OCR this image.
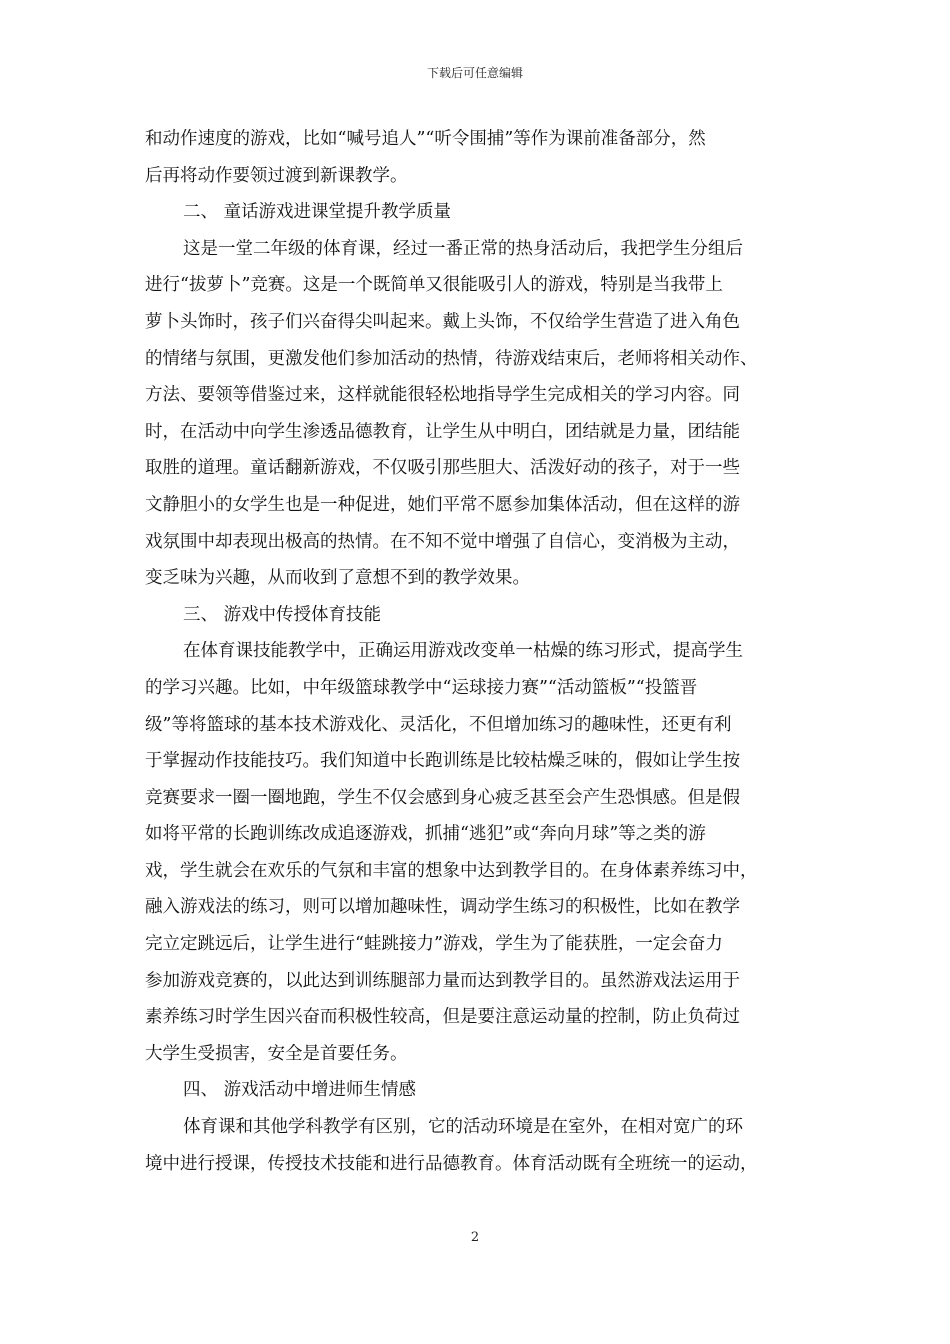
下载后可任意编辑
和动作速度的游戏，比如“喊号追人”“听令围捕”等作为课前准备部分，然
后再将动作要领过渡到新课教学。
二、 童话游戏进课堂提升教学质量
这是一堂二年级的体育课，经过一番正常的热身活动后，我把学生分组后
进行“拔萝卜”竞赛。这是一个既简单又很能吸引人的游戏，特别是当我带上
萝卜头饰时，孩子们兴奋得尖叫起来。戴上头饰，不仅给学生营造了进入角色
的情绪与氛围，更激发他们参加活动的热情，待游戏结束后，老师将相关动作、
方法、要领等借鉴过来，这样就能很轻松地指导学生完成相关的学习内容。同
时，在活动中向学生渗透品德教育，让学生从中明白，团结就是力量，团结能
取胜的道理。童话翻新游戏，不仅吸引那些胆大、活泼好动的孩子，对于一些
文静胆小的女学生也是一种促进，她们平常不愿参加集体活动，但在这样的游
戏氛围中却表现出极高的热情。在不知不觉中增强了自信心，变消极为主动，
变乏味为兴趣，从而收到了意想不到的教学效果。
三、 游戏中传授体育技能
在体育课技能教学中，正确运用游戏改变单一枯燥的练习形式，提高学生
的学习兴趣。比如，中年级篮球教学中“运球接力赛”“活动篮板”“投篮晋
级”等将篮球的基本技术游戏化、灵活化，不但增加练习的趣味性，还更有利
于掌握动作技能技巧。我们知道中长跑训练是比较枯燥乏味的，假如让学生按
竞赛要求一圈一圈地跑，学生不仅会感到身心疲乏甚至会产生恐惧感。但是假
如将平常的长跑训练改成追逐游戏，抓捕“逃犯”或“奔向月球”等之类的游
戏，学生就会在欢乐的气氛和丰富的想象中达到教学目的。在身体素养练习中，
融入游戏法的练习，则可以增加趣味性，调动学生练习的积极性，比如在教学
完立定跳远后，让学生进行“蛙跳接力”游戏，学生为了能获胜，一定会奋力
参加游戏竞赛的，以此达到训练腿部力量而达到教学目的。虽然游戏法运用于
素养练习时学生因兴奋而积极性较高，但是要注意运动量的控制，防止负荷过
大学生受损害，安全是首要任务。
四、 游戏活动中增进师生情感
体育课和其他学科教学有区别，它的活动环境是在室外，在相对宽广的环
境中进行授课，传授技术技能和进行品德教育。体育活动既有全班统一的运动，
2
